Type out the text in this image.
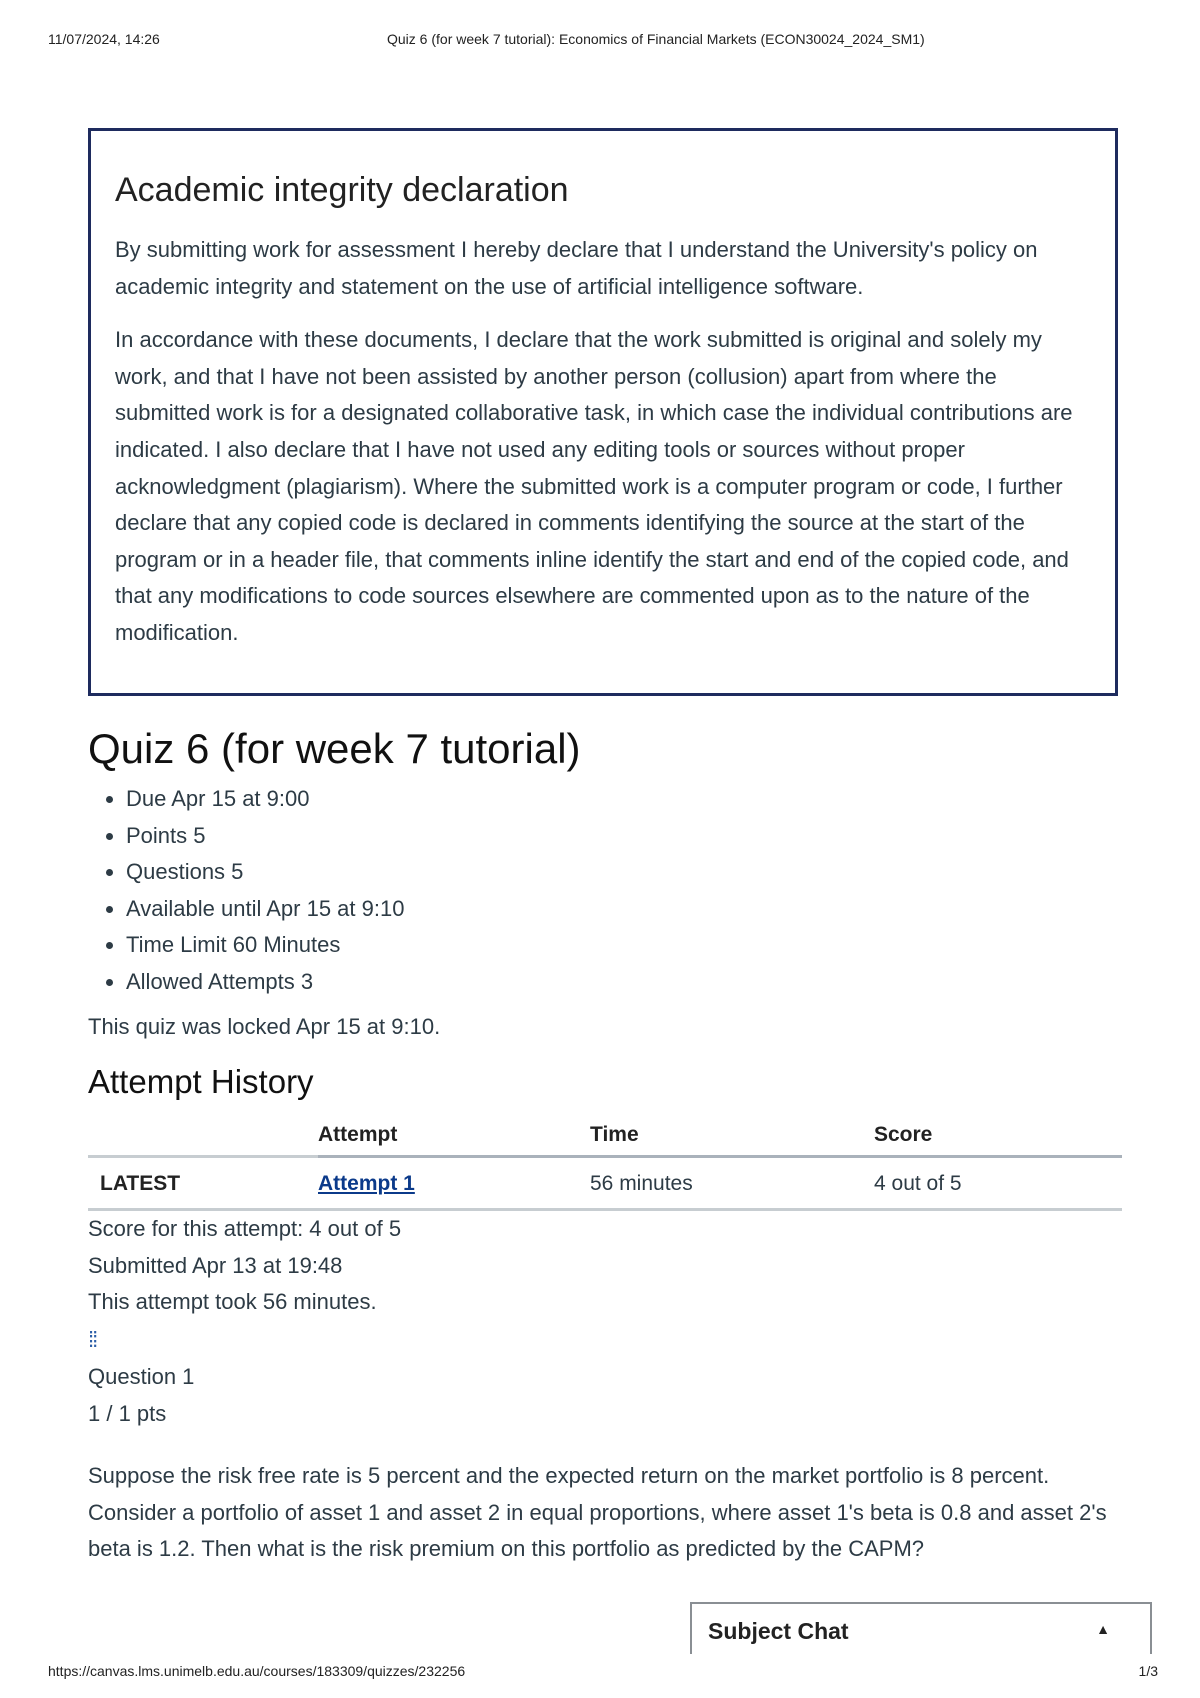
11/07/2024, 14:26	Quiz 6 (for week 7 tutorial): Economics of Financial Markets (ECON30024_2024_SM1)
Academic integrity declaration

By submitting work for assessment I hereby declare that I understand the University's policy on academic integrity and statement on the use of artificial intelligence software.

In accordance with these documents, I declare that the work submitted is original and solely my work, and that I have not been assisted by another person (collusion) apart from where the submitted work is for a designated collaborative task, in which case the individual contributions are indicated. I also declare that I have not used any editing tools or sources without proper acknowledgment (plagiarism). Where the submitted work is a computer program or code, I further declare that any copied code is declared in comments identifying the source at the start of the program or in a header file, that comments inline identify the start and end of the copied code, and that any modifications to code sources elsewhere are commented upon as to the nature of the modification.

Quiz 6 (for week 7 tutorial)
• Due Apr 15 at 9:00
• Points 5
• Questions 5
• Available until Apr 15 at 9:10
• Time Limit 60 Minutes
• Allowed Attempts 3

This quiz was locked Apr 15 at 9:10.

Attempt History
	Attempt	Time	Score
LATEST	Attempt 1	56 minutes	4 out of 5

Score for this attempt: 4 out of 5

Submitted Apr 13 at 19:48

This attempt took 56 minutes.

⁞⁞

Question 1

1 / 1 pts

Suppose the risk free rate is 5 percent and the expected return on the market portfolio is 8 percent. Consider a portfolio of asset 1 and asset 2 in equal proportions, where asset 1's beta is 0.8 and asset 2's beta is 1.2. Then what is the risk premium on this portfolio as predicted by the CAPM?

Subject Chat	▲
https://canvas.lms.unimelb.edu.au/courses/183309/quizzes/232256	1/3
